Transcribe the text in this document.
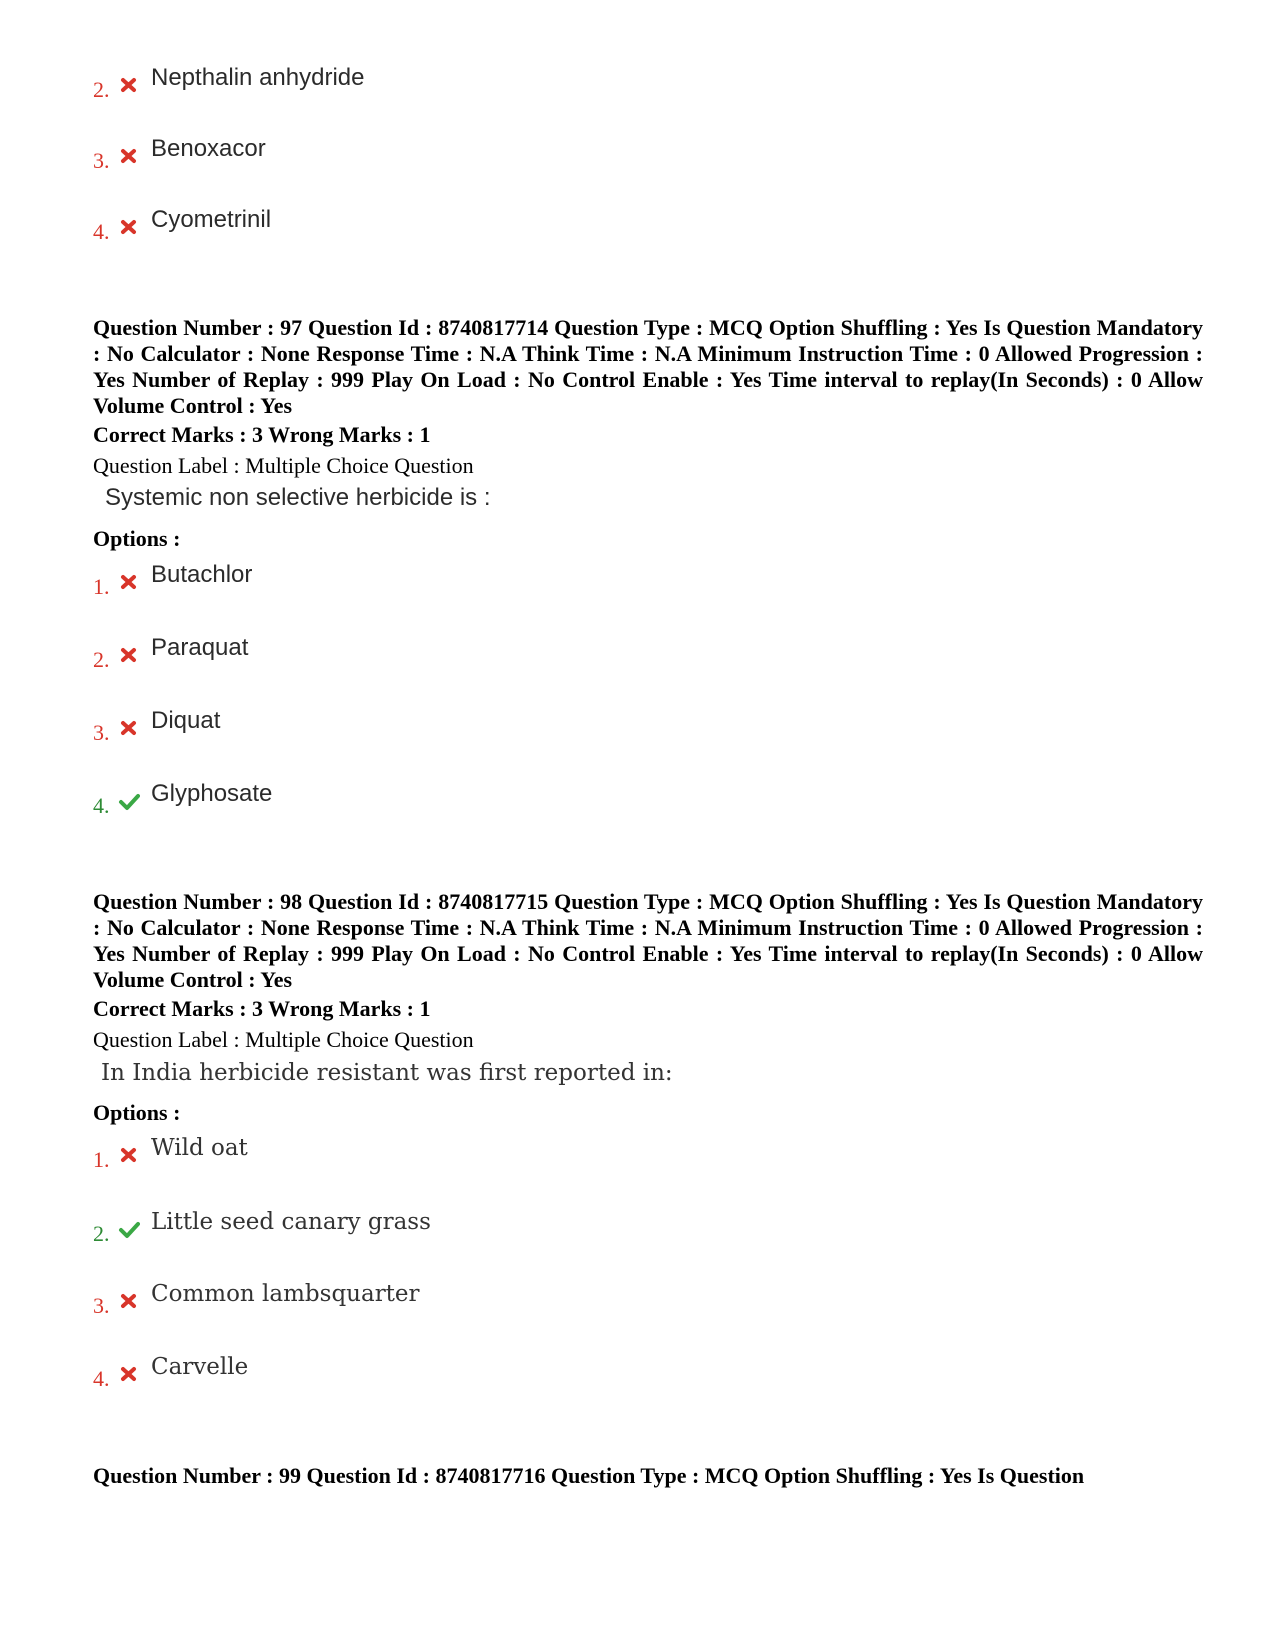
2. Nepthalin anhydride
3. Benoxacor
4. Cyometrinil
Question Number : 97 Question Id : 8740817714 Question Type : MCQ Option Shuffling : Yes Is Question Mandatory : No Calculator : None Response Time : N.A Think Time : N.A Minimum Instruction Time : 0 Allowed Progression : Yes Number of Replay : 999 Play On Load : No Control Enable : Yes Time interval to replay(In Seconds) : 0 Allow Volume Control : Yes
Correct Marks : 3 Wrong Marks : 1
Question Label : Multiple Choice Question
Systemic non selective herbicide is :
Options :
1. Butachlor
2. Paraquat
3. Diquat
4. Glyphosate
Question Number : 98 Question Id : 8740817715 Question Type : MCQ Option Shuffling : Yes Is Question Mandatory : No Calculator : None Response Time : N.A Think Time : N.A Minimum Instruction Time : 0 Allowed Progression : Yes Number of Replay : 999 Play On Load : No Control Enable : Yes Time interval to replay(In Seconds) : 0 Allow Volume Control : Yes
Correct Marks : 3 Wrong Marks : 1
Question Label : Multiple Choice Question
In India herbicide resistant was first reported in:
Options :
1. Wild oat
2. Little seed canary grass
3. Common lambsquarter
4. Carvelle
Question Number : 99 Question Id : 8740817716 Question Type : MCQ Option Shuffling : Yes Is Question
